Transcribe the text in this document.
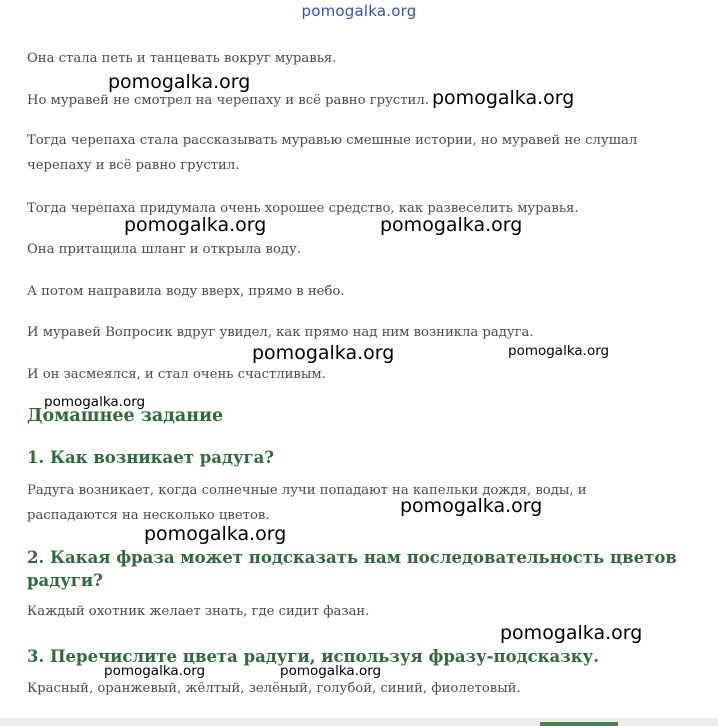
pomogalka.org

Она стала петь и танцевать вокруг муравья.

Но муравей не смотрел на черепаху и всё равно грустил.

Тогда черепаха стала рассказывать муравью смешные истории, но муравей не слушал черепаху и всё равно грустил.

Тогда черепаха придумала очень хорошее средство, как развеселить муравья.

Она притащила шланг и открыла воду.

А потом направила воду вверх, прямо в небо.

И муравей Вопросик вдруг увидел, как прямо над ним возникла радуга.

И он засмеялся, и стал очень счастливым.

Домашнее задание
1. Как возникает радуга?

Радуга возникает, когда солнечные лучи попадают на капельки дождя, воды, и распадаются на несколько цветов.

2. Какая фраза может подсказать нам последовательность цветов радуги?

Каждый охотник желает знать, где сидит фазан.

3. Перечислите цвета радуги, используя фразу-подсказку.

Красный, оранжевый, жёлтый, зелёный, голубой, синий, фиолетовый.

pomogalka.org
pomogalka.org
pomogalka.org	pomogalka.org
pomogalka.org	pomogalka.org
pomogalka.org
pomogalka.org
pomogalka.org
pomogalka.org
pomogalka.org	pomogalka.org
